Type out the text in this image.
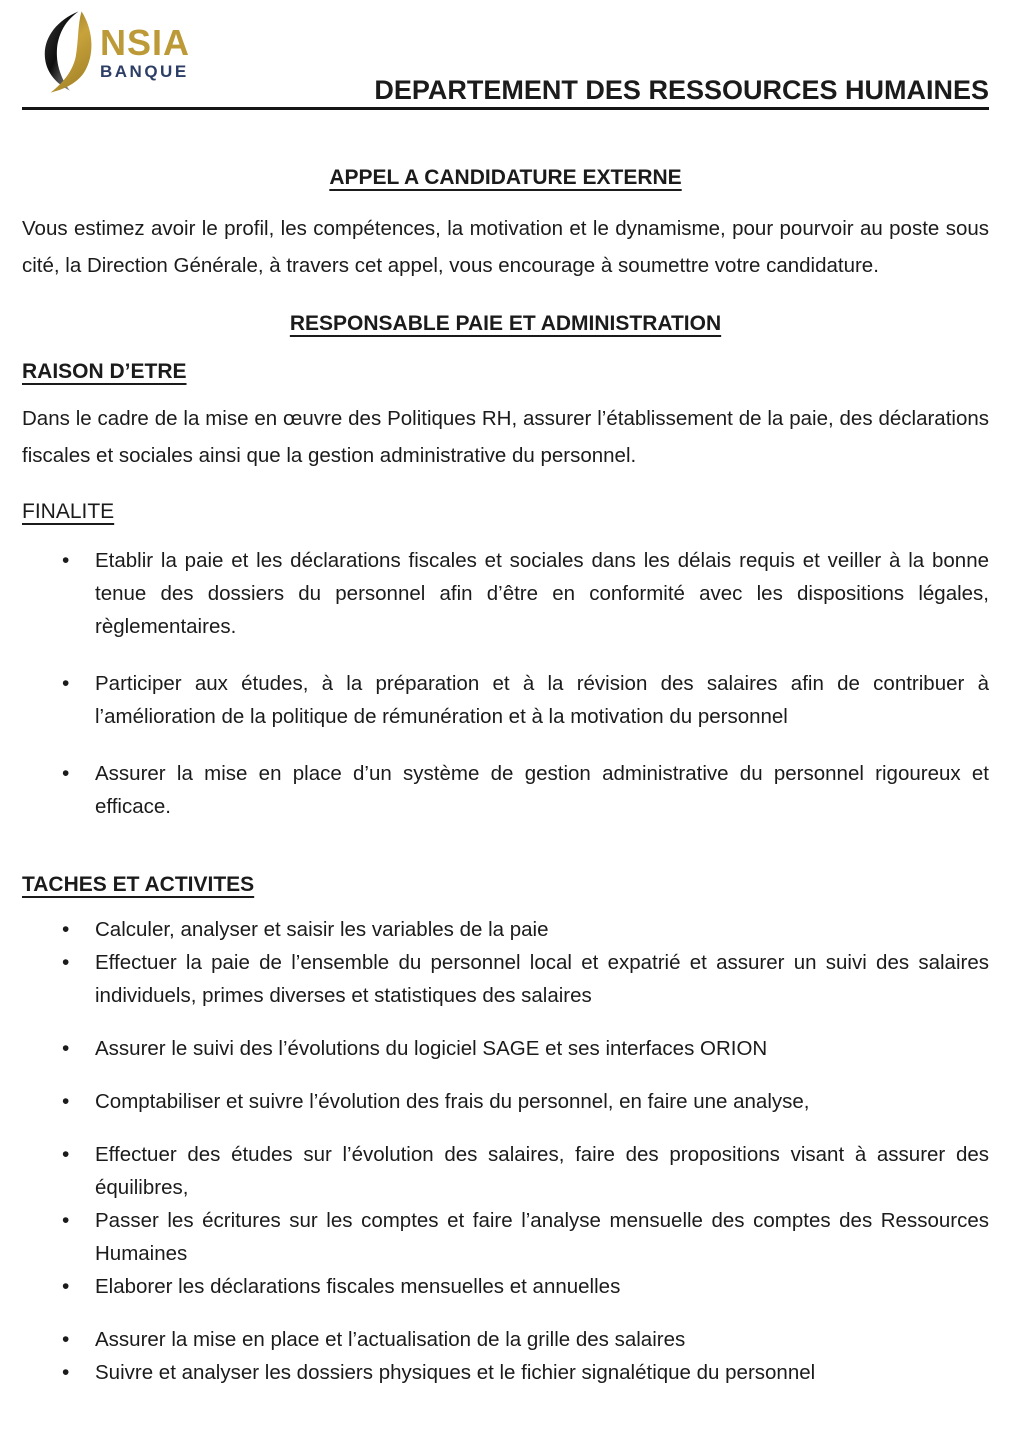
NSIA
BANQUE
DEPARTEMENT DES RESSOURCES HUMAINES

APPEL A CANDIDATURE EXTERNE

Vous estimez avoir le profil, les compétences, la motivation et le dynamisme, pour pourvoir au poste sous cité, la Direction Générale, à travers cet appel, vous encourage à soumettre votre candidature.

RESPONSABLE PAIE ET ADMINISTRATION

RAISON D’ETRE

Dans le cadre de la mise en œuvre des Politiques RH, assurer l’établissement de la paie, des déclarations fiscales et sociales ainsi que la gestion administrative du personnel.

FINALITE

• Etablir la paie et les déclarations fiscales et sociales dans les délais requis et veiller à la bonne tenue des dossiers du personnel afin d’être en conformité avec les dispositions légales, règlementaires.
• Participer aux études, à la préparation et à la révision des salaires afin de contribuer à l’amélioration de la politique de rémunération et à la motivation du personnel
• Assurer la mise en place d’un système de gestion administrative du personnel rigoureux et efficace.

TACHES ET ACTIVITES

• Calculer, analyser et saisir les variables de la paie
• Effectuer la paie de l’ensemble du personnel local et expatrié et assurer un suivi des salaires individuels, primes diverses et statistiques des salaires
• Assurer le suivi des l’évolutions du logiciel SAGE et ses interfaces ORION
• Comptabiliser et suivre l’évolution des frais du personnel, en faire une analyse,
• Effectuer des études sur l’évolution des salaires, faire des propositions visant à assurer des équilibres,
• Passer les écritures sur les comptes et faire l’analyse mensuelle des comptes des Ressources Humaines
• Elaborer les déclarations fiscales mensuelles et annuelles
• Assurer la mise en place et l’actualisation de la grille des salaires
• Suivre et analyser les dossiers physiques et le fichier signalétique du personnel
